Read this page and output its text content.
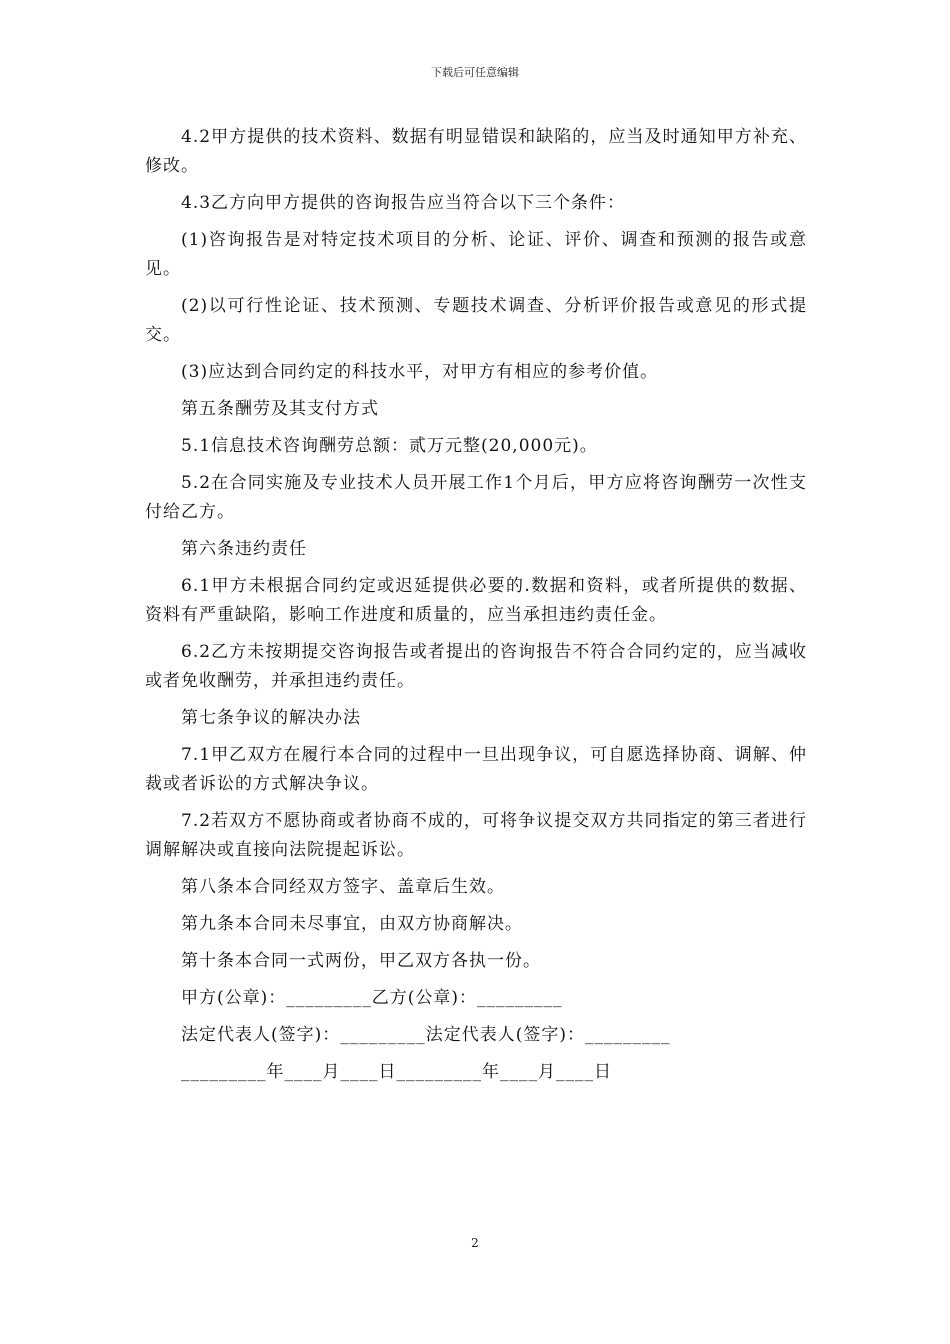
下载后可任意编辑

4.2甲方提供的技术资料、数据有明显错误和缺陷的，应当及时通知甲方补充、修改。

4.3乙方向甲方提供的咨询报告应当符合以下三个条件：

(1)咨询报告是对特定技术项目的分析、论证、评价、调查和预测的报告或意见。

(2)以可行性论证、技术预测、专题技术调查、分析评价报告或意见的形式提交。

(3)应达到合同约定的科技水平，对甲方有相应的参考价值。

第五条酬劳及其支付方式

5.1信息技术咨询酬劳总额：贰万元整(20,000元)。

5.2在合同实施及专业技术人员开展工作1个月后，甲方应将咨询酬劳一次性支付给乙方。

第六条违约责任

6.1甲方未根据合同约定或迟延提供必要的.数据和资料，或者所提供的数据、资料有严重缺陷，影响工作进度和质量的，应当承担违约责任金。

6.2乙方未按期提交咨询报告或者提出的咨询报告不符合合同约定的，应当减收或者免收酬劳，并承担违约责任。

第七条争议的解决办法

7.1甲乙双方在履行本合同的过程中一旦出现争议，可自愿选择协商、调解、仲裁或者诉讼的方式解决争议。

7.2若双方不愿协商或者协商不成的，可将争议提交双方共同指定的第三者进行调解解决或直接向法院提起诉讼。

第八条本合同经双方签字、盖章后生效。

第九条本合同未尽事宜，由双方协商解决。

第十条本合同一式两份，甲乙双方各执一份。

甲方(公章)：_________乙方(公章)：_________

法定代表人(签字)：_________法定代表人(签字)：_________

_________年____月____日_________年____月____日

2
